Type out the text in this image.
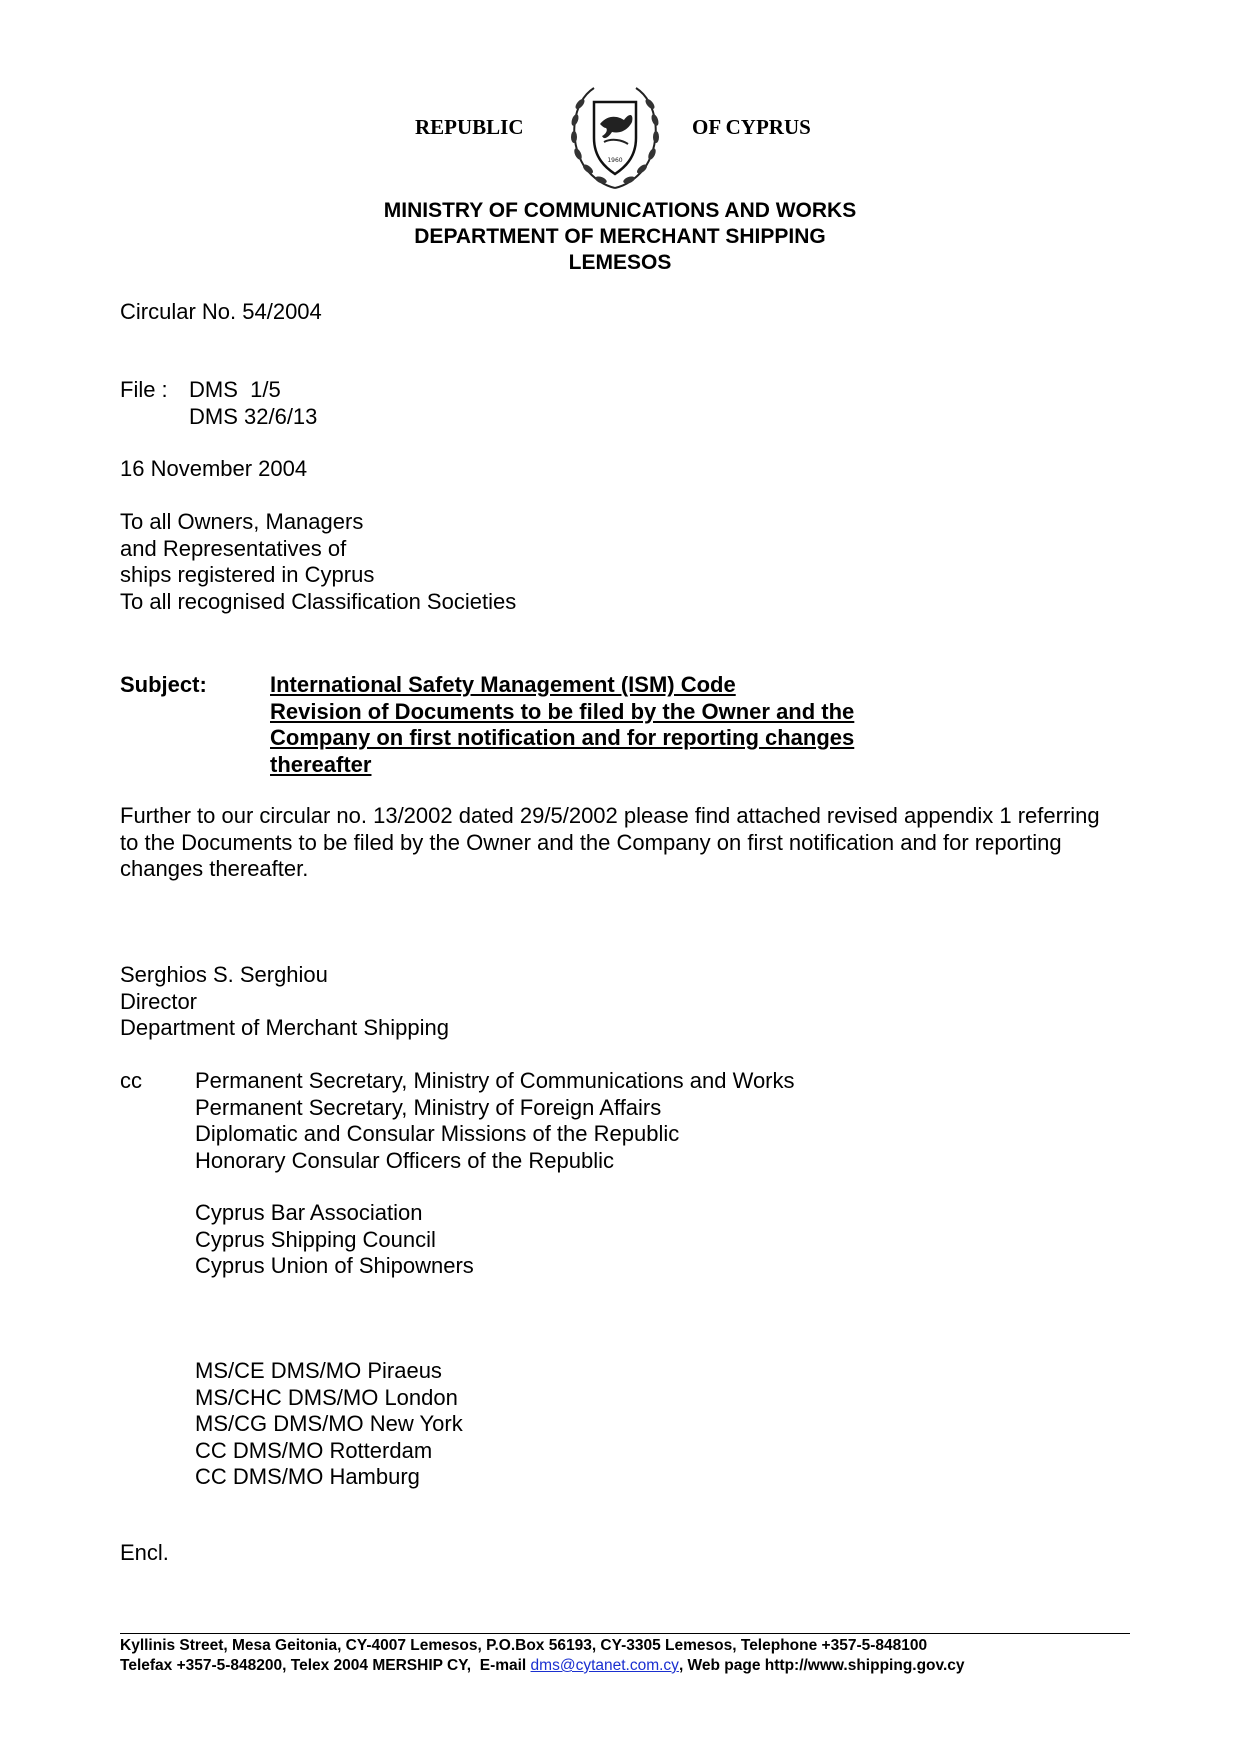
REPUBLIC	OF CYPRUS
1960
MINISTRY OF COMMUNICATIONS AND WORKS
DEPARTMENT OF MERCHANT SHIPPING
LEMESOS
Circular No. 54/2004
File : DMS  1/5
DMS 32/6/13
16 November 2004
To all Owners, Managers
and Representatives of
ships registered in Cyprus
To all recognised Classification Societies
Subject:	International Safety Management (ISM) Code
Revision of Documents to be filed by the Owner and the
Company on first notification and for reporting changes
thereafter
Further to our circular no. 13/2002 dated 29/5/2002 please find attached revised appendix 1 referring
to the Documents to be filed by the Owner and the Company on first notification and for reporting
changes thereafter.
Serghios S. Serghiou
Director
Department of Merchant Shipping
cc Permanent Secretary, Ministry of Communications and Works
Permanent Secretary, Ministry of Foreign Affairs
Diplomatic and Consular Missions of the Republic
Honorary Consular Officers of the Republic
Cyprus Bar Association
Cyprus Shipping Council
Cyprus Union of Shipowners
MS/CE DMS/MO Piraeus
MS/CHC DMS/MO London
MS/CG DMS/MO New York
CC DMS/MO Rotterdam
CC DMS/MO Hamburg
Encl.
Kyllinis Street, Mesa Geitonia, CY-4007 Lemesos, P.O.Box 56193, CY-3305 Lemesos, Telephone +357-5-848100
Telefax +357-5-848200, Telex 2004 MERSHIP CY,  E-mail dms@cytanet.com.cy, Web page http://www.shipping.gov.cy
